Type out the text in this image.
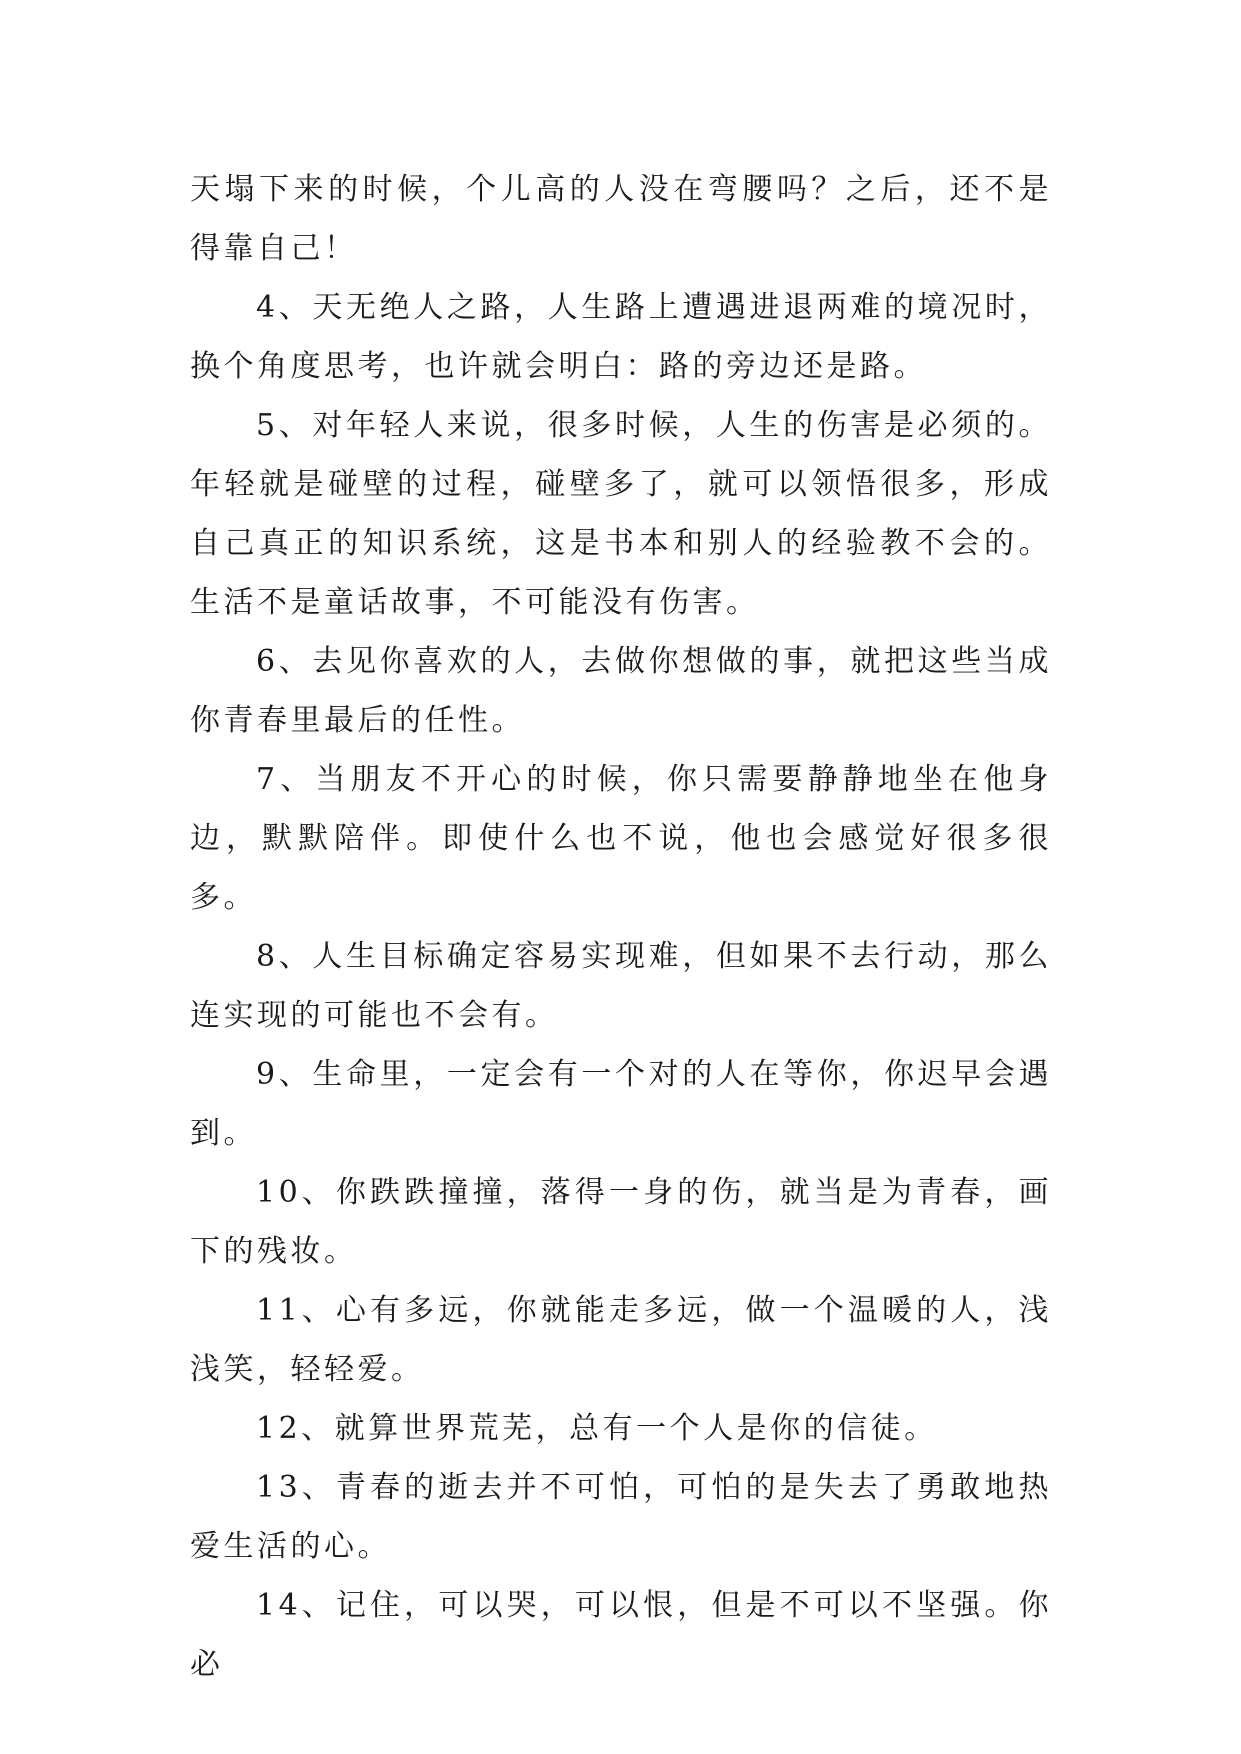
天塌下来的时候，个儿高的人没在弯腰吗？之后，还不是得靠自己！

4、天无绝人之路，人生路上遭遇进退两难的境况时，换个角度思考，也许就会明白：路的旁边还是路。

5、对年轻人来说，很多时候，人生的伤害是必须的。年轻就是碰壁的过程，碰壁多了，就可以领悟很多，形成自己真正的知识系统，这是书本和别人的经验教不会的。生活不是童话故事，不可能没有伤害。

6、去见你喜欢的人，去做你想做的事，就把这些当成你青春里最后的任性。

7、当朋友不开心的时候，你只需要静静地坐在他身边，默默陪伴。即使什么也不说，他也会感觉好很多很多。

8、人生目标确定容易实现难，但如果不去行动，那么连实现的可能也不会有。

9、生命里，一定会有一个对的人在等你，你迟早会遇到。

10、你跌跌撞撞，落得一身的伤，就当是为青春，画下的残妆。

11、心有多远，你就能走多远，做一个温暖的人，浅浅笑，轻轻爱。

12、就算世界荒芜，总有一个人是你的信徒。

13、青春的逝去并不可怕，可怕的是失去了勇敢地热爱生活的心。

14、记住，可以哭，可以恨，但是不可以不坚强。你必
